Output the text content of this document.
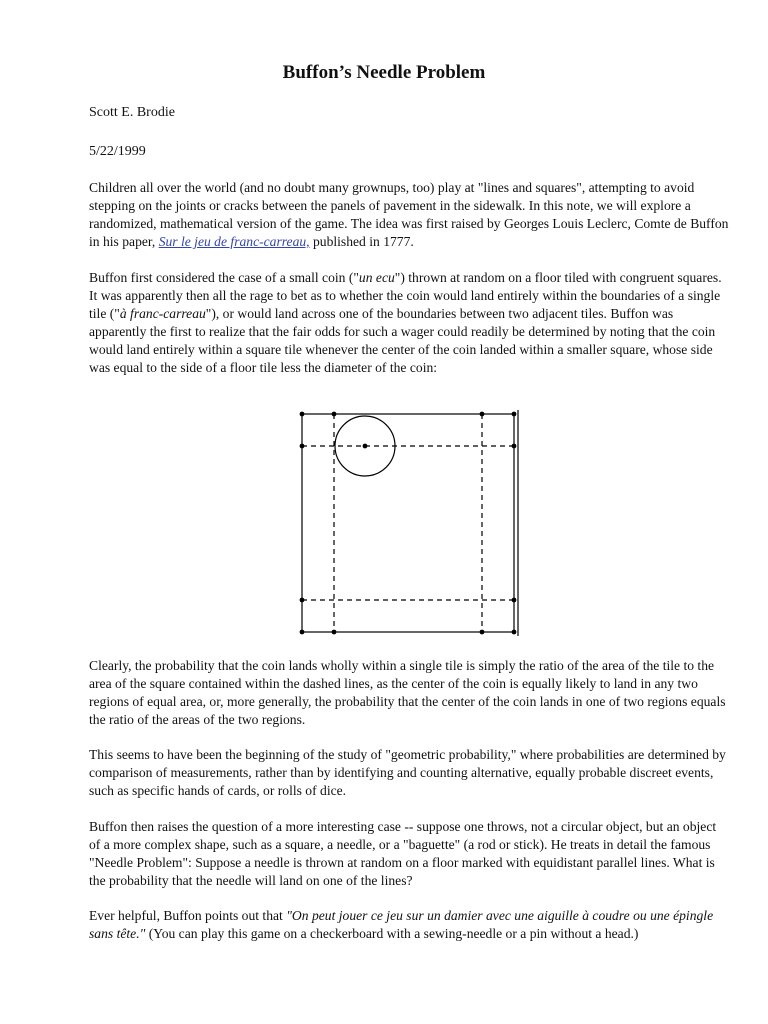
Buffon’s Needle Problem

Scott E. Brodie

5/22/1999

Children all over the world (and no doubt many grownups, too) play at "lines and squares", attempting to avoid stepping on the joints or cracks between the panels of pavement in the sidewalk. In this note, we will explore a randomized, mathematical version of the game. The idea was first raised by Georges Louis Leclerc, Comte de Buffon in his paper, Sur le jeu de franc-carreau, published in 1777.

Buffon first considered the case of a small coin ("un ecu") thrown at random on a floor tiled with congruent squares. It was apparently then all the rage to bet as to whether the coin would land entirely within the boundaries of a single tile ("à franc-carreau"), or would land across one of the boundaries between two adjacent tiles. Buffon was apparently the first to realize that the fair odds for such a wager could readily be determined by noting that the coin would land entirely within a square tile whenever the center of the coin landed within a smaller square, whose side was equal to the side of a floor tile less the diameter of the coin:

Clearly, the probability that the coin lands wholly within a single tile is simply the ratio of the area of the tile to the area of the square contained within the dashed lines, as the center of the coin is equally likely to land in any two regions of equal area, or, more generally, the probability that the center of the coin lands in one of two regions equals the ratio of the areas of the two regions.

This seems to have been the beginning of the study of "geometric probability," where probabilities are determined by comparison of measurements, rather than by identifying and counting alternative, equally probable discreet events, such as specific hands of cards, or rolls of dice.

Buffon then raises the question of a more interesting case -- suppose one throws, not a circular object, but an object of a more complex shape, such as a square, a needle, or a "baguette" (a rod or stick). He treats in detail the famous "Needle Problem": Suppose a needle is thrown at random on a floor marked with equidistant parallel lines. What is the probability that the needle will land on one of the lines?

Ever helpful, Buffon points out that "On peut jouer ce jeu sur un damier avec une aiguille à coudre ou une épingle sans tête." (You can play this game on a checkerboard with a sewing-needle or a pin without a head.)
